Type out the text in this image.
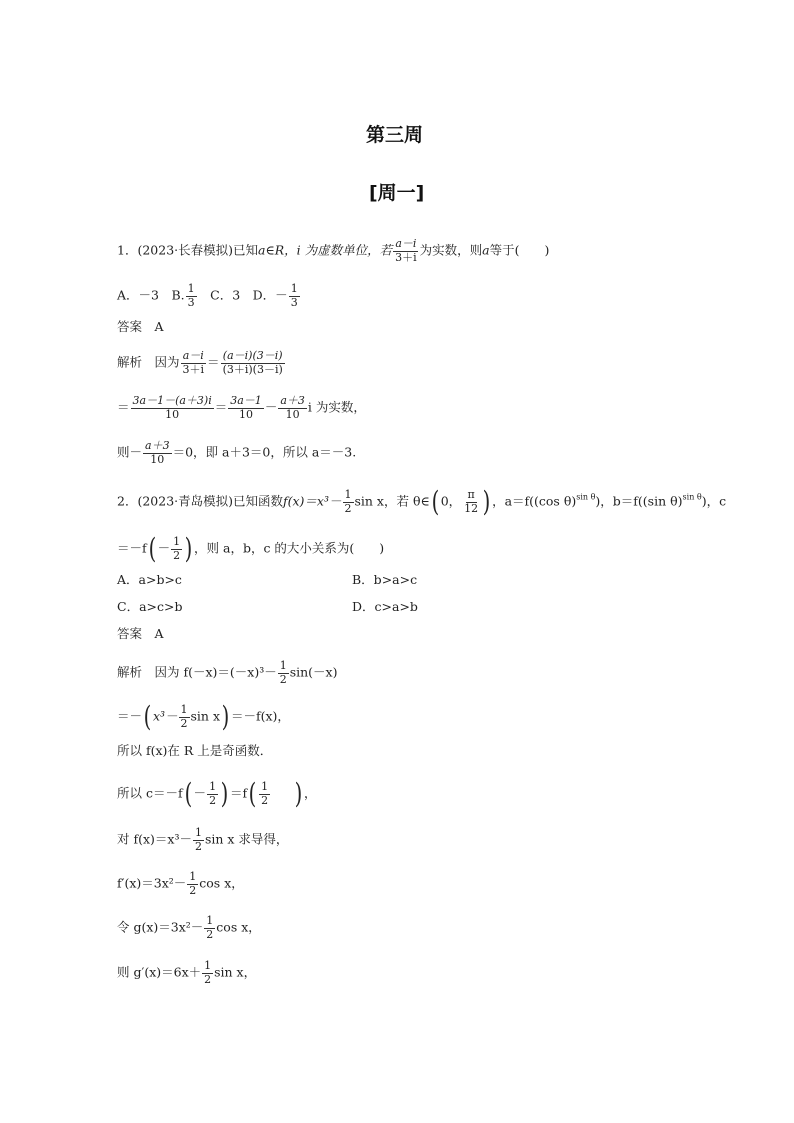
第三周
[周一]
1．(2023·长春模拟)已知a∈R，i 为虚数单位，若 $\frac{a-i}{3+i}$ 为实数，则a等于(　　)
A．－3　B. $\frac{1}{3}$ 　C．3　D．－ $\frac{1}{3}$
答案　A
解析　因为 $\frac{a-i}{3+i} = \frac{(a-i)(3-i)}{(3+i)(3-i)}$
＝ $\frac{3a-1-(a+3)i}{10} = \frac{3a-1}{10} - \frac{a+3}{10}$ i 为实数，
则－ $\frac{a+3}{10} =0$，即 a＋3＝0，所以 a＝－3.
2．(2023·青岛模拟)已知函数$f(x)=x^3- \frac{1}{2}$ sin x，若 θ∈( 0， $\frac{\pi}{12}$ ) ，a＝f((cos θ)$^{sin \theta}$)，b＝f((sin θ)$^{sin \theta}$)，c
$=-f( - \frac{1}{2}$ ) ，则 a，b，c 的大小关系为(　　)
A．a>b>c	B．b>a>c
C．a>c>b	D．c>a>b
答案　A
解析　因为 $f(-x)=(-x)^3- \frac{1}{2} \sin(-x)$
＝－( $x^3- \frac{1}{2}$ sin x) ＝－f(x)，
所以 f(x)在 R 上是奇函数．
所以 $c=-f( - \frac{1}{2}$ ) $=f( \frac{1}{2}$ ) ，
对 $f(x)=x^3- \frac{1}{2}$ sin x 求导得，
$f'(x)=3x^2- \frac{1}{2}$ cos x，
令 $g(x)=3x^2- \frac{1}{2}$ cos x，
则 $g'(x)=6x+ \frac{1}{2}$ sin x，
